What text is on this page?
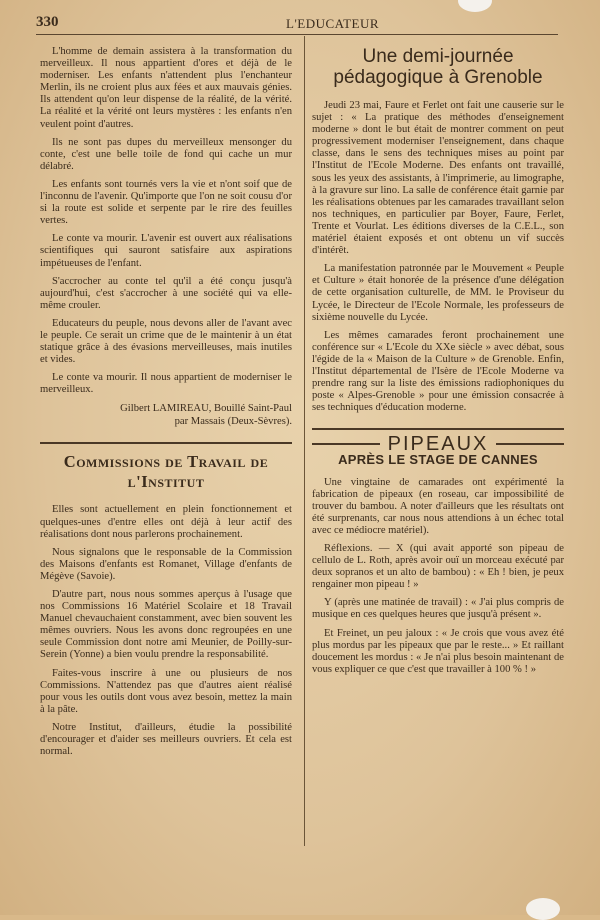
330	L'EDUCATEUR

L'homme de demain assistera à la transformation du merveilleux. Il nous appartient d'ores et déjà de le moderniser. Les enfants n'attendent plus l'enchanteur Merlin, ils ne croient plus aux fées et aux mauvais génies. Ils attendent qu'on leur dispense de la réalité, de la vérité. La réalité et la vérité ont leurs mystères : les enfants n'en veulent point d'autres.

Ils ne sont pas dupes du merveilleux mensonger du conte, c'est une belle toile de fond qui cache un mur délabré.

Les enfants sont tournés vers la vie et n'ont soif que de l'inconnu de l'avenir. Qu'importe que l'on ne soit cousu d'or si la route est solide et serpente par le rire des feuilles vertes.

Le conte va mourir. L'avenir est ouvert aux réalisations scientifiques qui sauront satisfaire aux aspirations impétueuses de l'enfant.

S'accrocher au conte tel qu'il a été conçu jusqu'à aujourd'hui, c'est s'accrocher à une société qui va elle-même crouler.

Educateurs du peuple, nous devons aller de l'avant avec le peuple. Ce serait un crime que de le maintenir à un état statique grâce à des évasions merveilleuses, mais inutiles et vides.

Le conte va mourir. Il nous appartient de moderniser le merveilleux.

Gilbert LAMIREAU, Bouillé Saint-Paul
par Massais (Deux-Sèvres).
Commissions de Travail de l'Institut

Elles sont actuellement en plein fonctionnement et quelques-unes d'entre elles ont déjà à leur actif des réalisations dont nous parlerons prochainement.

Nous signalons que le responsable de la Commission des Maisons d'enfants est Romanet, Village d'enfants de Mégève (Savoie).

D'autre part, nous nous sommes aperçus à l'usage que nos Commissions 16 Matériel Scolaire et 18 Travail Manuel chevauchaient constamment, avec bien souvent les mêmes ouvriers. Nous les avons donc regroupées en une seule Commission dont notre ami Meunier, de Poilly-sur-Serein (Yonne) a bien voulu prendre la responsabilité.

Faites-vous inscrire à une ou plusieurs de nos Commissions. N'attendez pas que d'autres aient réalisé pour vous les outils dont vous avez besoin, mettez la main à la pâte.

Notre Institut, d'ailleurs, étudie la possibilité d'encourager et d'aider ses meilleurs ouvriers. Et cela est normal.

Une demi-journée pédagogique à Grenoble

Jeudi 23 mai, Faure et Ferlet ont fait une causerie sur le sujet : « La pratique des méthodes d'enseignement moderne » dont le but était de montrer comment on peut progressivement moderniser l'enseignement, dans chaque classe, dans le sens des techniques mises au point par l'Institut de l'Ecole Moderne. Des enfants ont travaillé, sous les yeux des assistants, à l'imprimerie, au limographe, à la gravure sur lino. La salle de conférence était garnie par les réalisations obtenues par les camarades travaillant selon nos techniques, en particulier par Boyer, Faure, Ferlet, Trente et Vourlat. Les éditions diverses de la C.E.L., son matériel étaient exposés et ont obtenu un vif succès d'intérêt.

La manifestation patronnée par le Mouvement « Peuple et Culture » était honorée de la présence d'une délégation de cette organisation culturelle, de MM. le Proviseur du Lycée, le Directeur de l'Ecole Normale, les professeurs de sixième nouvelle du Lycée.

Les mêmes camarades feront prochainement une conférence sur « L'Ecole du XXe siècle » avec débat, sous l'égide de la « Maison de la Culture » de Grenoble. Enfin, l'Institut départemental de l'Isère de l'Ecole Moderne va prendre rang sur la liste des émissions radiophoniques du poste « Alpes-Grenoble » pour une émission consacrée à ses techniques d'éducation moderne.

PIPEAUX
APRÈS LE STAGE DE CANNES

Une vingtaine de camarades ont expérimenté la fabrication de pipeaux (en roseau, car impossibilité de trouver du bambou. A noter d'ailleurs que les résultats ont été surprenants, car nous nous attendions à un échec total avec ce médiocre matériel).

Réflexions. — X (qui avait apporté son pipeau de cellulo de L. Roth, après avoir ouï un morceau exécuté par deux sopranos et un alto de bambou) : « Eh ! bien, je peux rengainer mon pipeau ! »

Y (après une matinée de travail) : « J'ai plus compris de musique en ces quelques heures que jusqu'à présent ».

Et Freinet, un peu jaloux : « Je crois que vous avez été plus mordus par les pipeaux que par le reste... » Et raillant doucement les mordus : « Je n'ai plus besoin maintenant de vous expliquer ce que c'est que travailler à 100 % ! »
